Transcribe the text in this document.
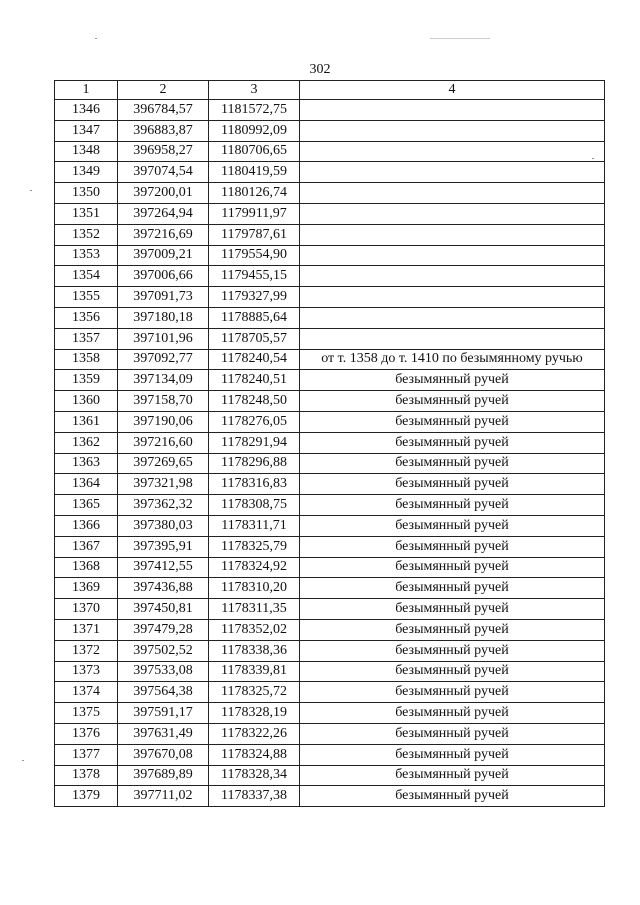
302
1	2	3	4
1346	396784,57	1181572,75	
1347	396883,87	1180992,09	
1348	396958,27	1180706,65	
1349	397074,54	1180419,59	
1350	397200,01	1180126,74	
1351	397264,94	1179911,97	
1352	397216,69	1179787,61	
1353	397009,21	1179554,90	
1354	397006,66	1179455,15	
1355	397091,73	1179327,99	
1356	397180,18	1178885,64	
1357	397101,96	1178705,57	
1358	397092,77	1178240,54	от т. 1358 до т. 1410 по безымянному ручью
1359	397134,09	1178240,51	безымянный ручей
1360	397158,70	1178248,50	безымянный ручей
1361	397190,06	1178276,05	безымянный ручей
1362	397216,60	1178291,94	безымянный ручей
1363	397269,65	1178296,88	безымянный ручей
1364	397321,98	1178316,83	безымянный ручей
1365	397362,32	1178308,75	безымянный ручей
1366	397380,03	1178311,71	безымянный ручей
1367	397395,91	1178325,79	безымянный ручей
1368	397412,55	1178324,92	безымянный ручей
1369	397436,88	1178310,20	безымянный ручей
1370	397450,81	1178311,35	безымянный ручей
1371	397479,28	1178352,02	безымянный ручей
1372	397502,52	1178338,36	безымянный ручей
1373	397533,08	1178339,81	безымянный ручей
1374	397564,38	1178325,72	безымянный ручей
1375	397591,17	1178328,19	безымянный ручей
1376	397631,49	1178322,26	безымянный ручей
1377	397670,08	1178324,88	безымянный ручей
1378	397689,89	1178328,34	безымянный ручей
1379	397711,02	1178337,38	безымянный ручей
